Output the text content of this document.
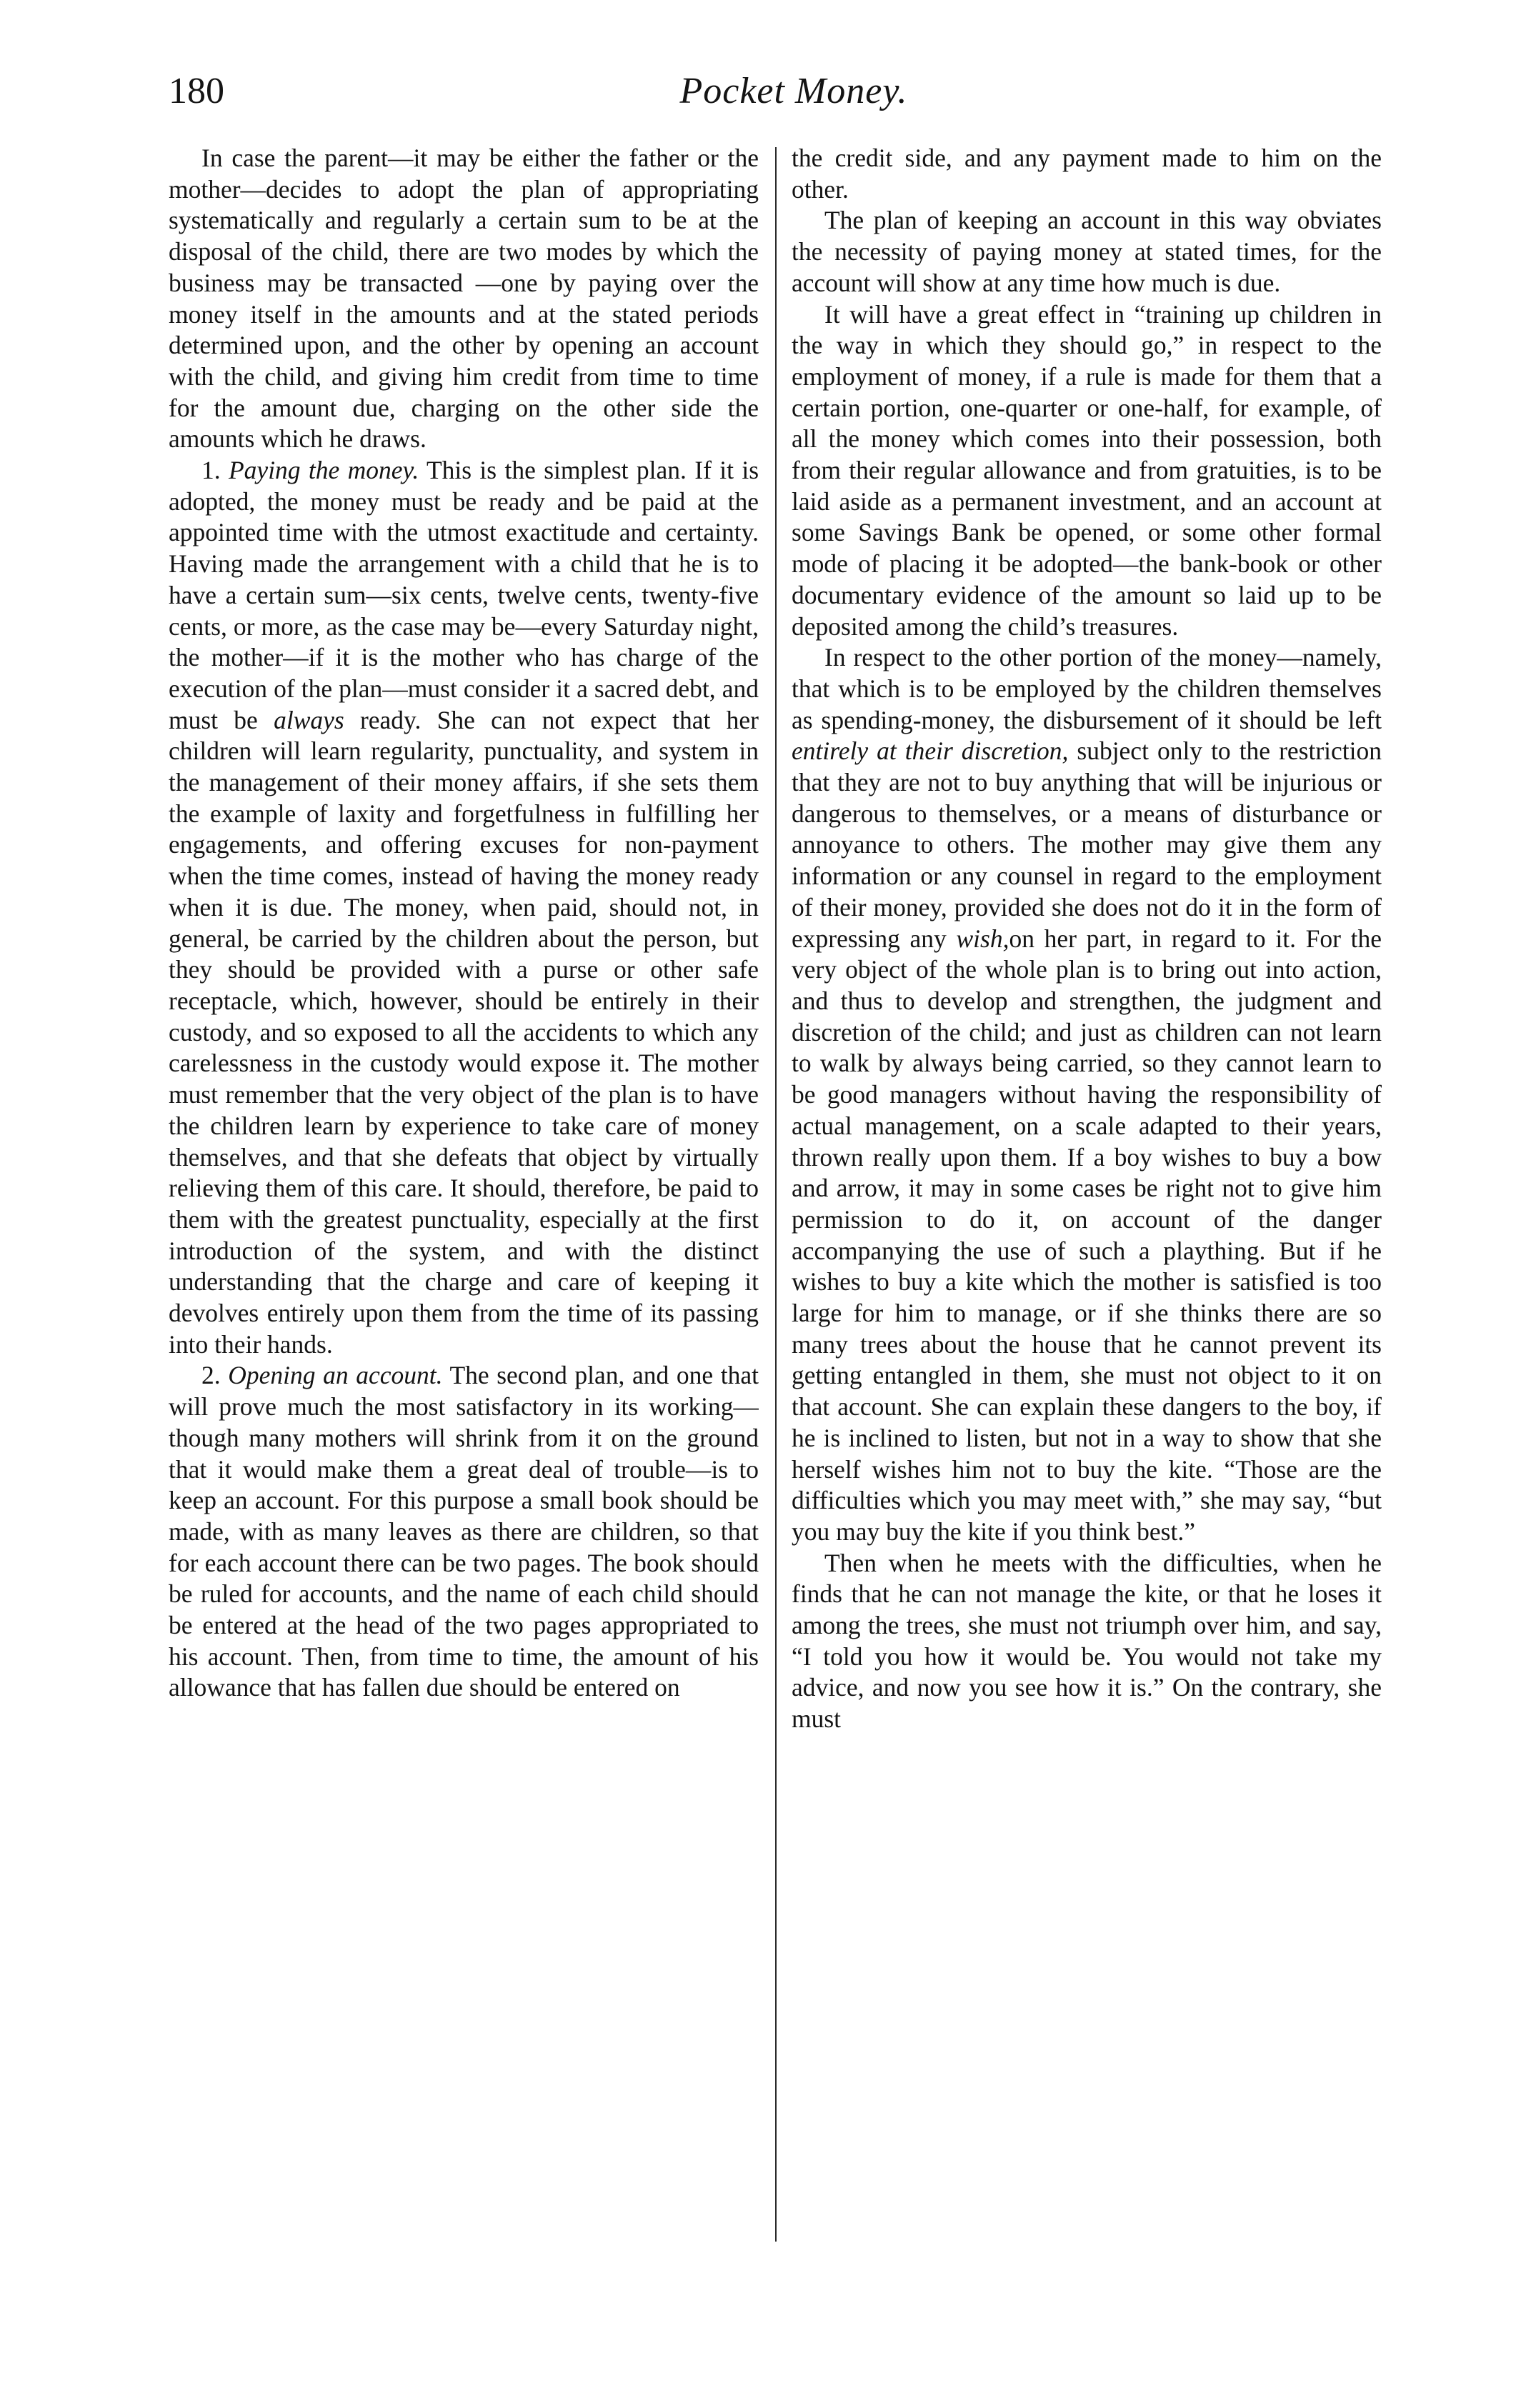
180	Pocket Money.

In case the parent—it may be either the father or the mother—decides to adopt the plan of appropriating systematically and regularly a certain sum to be at the disposal of the child, there are two modes by which the business may be transacted —one by paying over the money itself in the amounts and at the stated periods determined upon, and the other by opening an account with the child, and giving him credit from time to time for the amount due, charging on the other side the amounts which he draws.

1. Paying the money. This is the simplest plan. If it is adopted, the money must be ready and be paid at the appointed time with the utmost exactitude and certainty. Having made the arrangement with a child that he is to have a certain sum—six cents, twelve cents, twenty-five cents, or more, as the case may be—every Saturday night, the mother—if it is the mother who has charge of the execution of the plan—must consider it a sacred debt, and must be always ready. She can not expect that her children will learn regularity, punctuality, and system in the management of their money affairs, if she sets them the example of laxity and forgetfulness in fulfilling her engagements, and offering excuses for non-payment when the time comes, instead of having the money ready when it is due. The money, when paid, should not, in general, be carried by the children about the person, but they should be provided with a purse or other safe receptacle, which, however, should be entirely in their custody, and so exposed to all the accidents to which any carelessness in the custody would expose it. The mother must remember that the very object of the plan is to have the children learn by experience to take care of money themselves, and that she defeats that object by virtually relieving them of this care. It should, therefore, be paid to them with the greatest punctuality, especially at the first introduction of the system, and with the distinct understanding that the charge and care of keeping it devolves entirely upon them from the time of its passing into their hands.

2. Opening an account. The second plan, and one that will prove much the most satisfactory in its working—though many mothers will shrink from it on the ground that it would make them a great deal of trouble—is to keep an account. For this purpose a small book should be made, with as many leaves as there are children, so that for each account there can be two pages. The book should be ruled for accounts, and the name of each child should be entered at the head of the two pages appropriated to his account. Then, from time to time, the amount of his allowance that has fallen due should be entered on

the credit side, and any payment made to him on the other.

The plan of keeping an account in this way obviates the necessity of paying money at stated times, for the account will show at any time how much is due.

It will have a great effect in “training up children in the way in which they should go,” in respect to the employment of money, if a rule is made for them that a certain portion, one-quarter or one-half, for example, of all the money which comes into their possession, both from their regular allowance and from gratuities, is to be laid aside as a permanent investment, and an account at some Savings Bank be opened, or some other formal mode of placing it be adopted—the bank-book or other documentary evidence of the amount so laid up to be deposited among the child’s treasures.

In respect to the other portion of the money—namely, that which is to be employed by the children themselves as spending-money, the disbursement of it should be left entirely at their discretion, subject only to the restriction that they are not to buy anything that will be injurious or dangerous to themselves, or a means of disturbance or annoyance to others. The mother may give them any information or any counsel in regard to the employment of their money, provided she does not do it in the form of expressing any wish,on her part, in regard to it. For the very object of the whole plan is to bring out into action, and thus to develop and strengthen, the judgment and discretion of the child; and just as children can not learn to walk by always being carried, so they cannot learn to be good managers without having the responsibility of actual management, on a scale adapted to their years, thrown really upon them. If a boy wishes to buy a bow and arrow, it may in some cases be right not to give him permission to do it, on account of the danger accompanying the use of such a plaything. But if he wishes to buy a kite which the mother is satisfied is too large for him to manage, or if she thinks there are so many trees about the house that he cannot prevent its getting entangled in them, she must not object to it on that account. She can explain these dangers to the boy, if he is inclined to listen, but not in a way to show that she herself wishes him not to buy the kite. “Those are the difficulties which you may meet with,” she may say, “but you may buy the kite if you think best.”

Then when he meets with the difficulties, when he finds that he can not manage the kite, or that he loses it among the trees, she must not triumph over him, and say, “I told you how it would be. You would not take my advice, and now you see how it is.” On the contrary, she must
